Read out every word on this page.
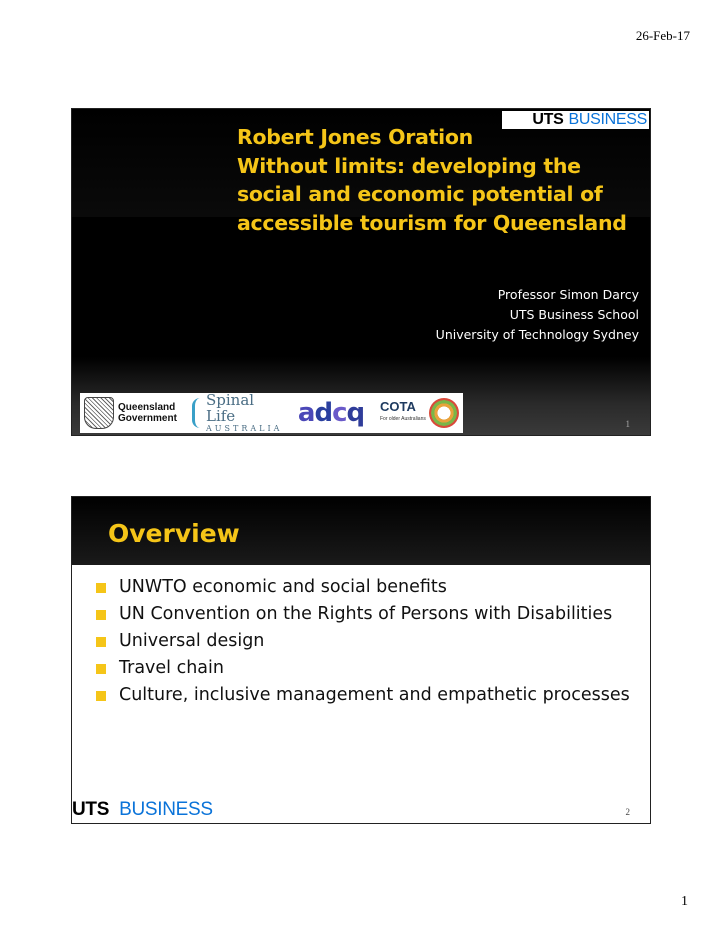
26-Feb-17
UTS BUSINESS
Robert Jones Oration
Without limits: developing the
social and economic potential of
accessible tourism for Queensland
Professor Simon Darcy
UTS Business School
University of Technology Sydney
Queensland
Government
Spinal Life
AUSTRALIA
a d c q COTA
For older Australians	1
Overview
UNWTO economic and social benefits
UN Convention on the Rights of Persons with Disabilities
Universal design
Travel chain
Culture, inclusive management and empathetic processes
UTS BUSINESS	2
1
